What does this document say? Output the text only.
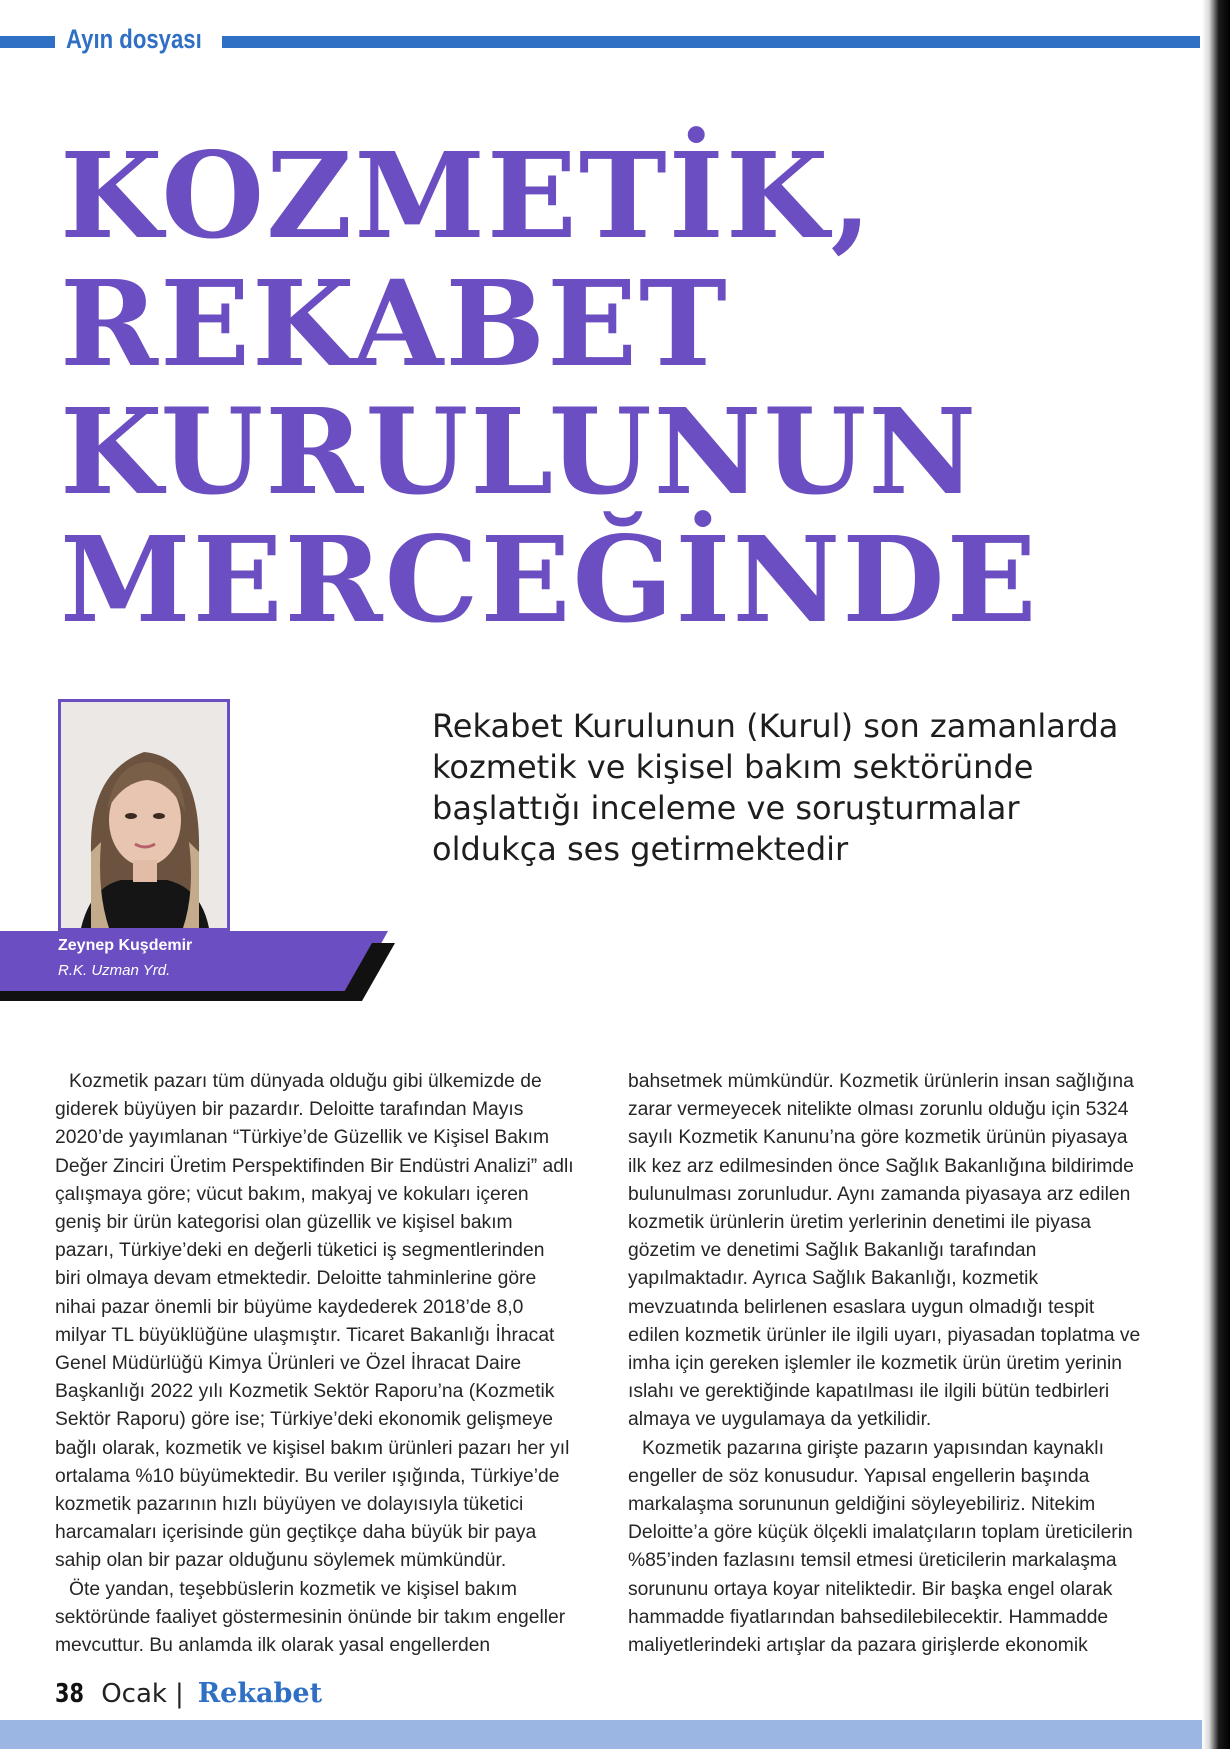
Ayın dosyası
KOZMETİK,
REKABET
KURULUNUN
MERCEĞİNDE
Zeynep Kuşdemir
R.K. Uzman Yrd.

Rekabet Kurulunun (Kurul) son zamanlarda kozmetik ve kişisel bakım sektöründe başlattığı inceleme ve soruşturmalar oldukça ses getirmektedir

Kozmetik pazarı tüm dünyada olduğu gibi ülkemizde de giderek büyüyen bir pazardır. Deloitte tarafından Mayıs 2020’de yayımlanan “Türkiye’de Güzellik ve Kişisel Bakım Değer Zinciri Üretim Perspektifinden Bir Endüstri Analizi” adlı çalışmaya göre; vücut bakım, makyaj ve kokuları içeren geniş bir ürün kategorisi olan güzellik ve kişisel bakım pazarı, Türkiye’deki en değerli tüketici iş segmentlerinden biri olmaya devam etmektedir. Deloitte tahminlerine göre nihai pazar önemli bir büyüme kaydederek 2018’de 8,0 milyar TL büyüklüğüne ulaşmıştır. Ticaret Bakanlığı İhracat Genel Müdürlüğü Kimya Ürünleri ve Özel İhracat Daire Başkanlığı 2022 yılı Kozmetik Sektör Raporu’na (Kozmetik Sektör Raporu) göre ise; Türkiye’deki ekonomik gelişmeye bağlı olarak, kozmetik ve kişisel bakım ürünleri pazarı her yıl ortalama %10 büyümektedir. Bu veriler ışığında, Türkiye’de kozmetik pazarının hızlı büyüyen ve dolayısıyla tüketici harcamaları içerisinde gün geçtikçe daha büyük bir paya sahip olan bir pazar olduğunu söylemek mümkündür.

Öte yandan, teşebbüslerin kozmetik ve kişisel bakım sektöründe faaliyet göstermesinin önünde bir takım engeller mevcuttur. Bu anlamda ilk olarak yasal engellerden

bahsetmek mümkündür. Kozmetik ürünlerin insan sağlığına zarar vermeyecek nitelikte olması zorunlu olduğu için 5324 sayılı Kozmetik Kanunu’na göre kozmetik ürünün piyasaya ilk kez arz edilmesinden önce Sağlık Bakanlığına bildirimde bulunulması zorunludur. Aynı zamanda piyasaya arz edilen kozmetik ürünlerin üretim yerlerinin denetimi ile piyasa gözetim ve denetimi Sağlık Bakanlığı tarafından yapılmaktadır. Ayrıca Sağlık Bakanlığı, kozmetik mevzuatında belirlenen esaslara uygun olmadığı tespit edilen kozmetik ürünler ile ilgili uyarı, piyasadan toplatma ve imha için gereken işlemler ile kozmetik ürün üretim yerinin ıslahı ve gerektiğinde kapatılması ile ilgili bütün tedbirleri almaya ve uygulamaya da yetkilidir.

Kozmetik pazarına girişte pazarın yapısından kaynaklı engeller de söz konusudur. Yapısal engellerin başında markalaşma sorununun geldiğini söyleyebiliriz. Nitekim Deloitte’a göre küçük ölçekli imalatçıların toplam üreticilerin %85’inden fazlasını temsil etmesi üreticilerin markalaşma sorununu ortaya koyar niteliktedir. Bir başka engel olarak hammadde fiyatlarından bahsedilebilecektir. Hammadde maliyetlerindeki artışlar da pazara girişlerde ekonomik

38 Ocak | Rekabet
